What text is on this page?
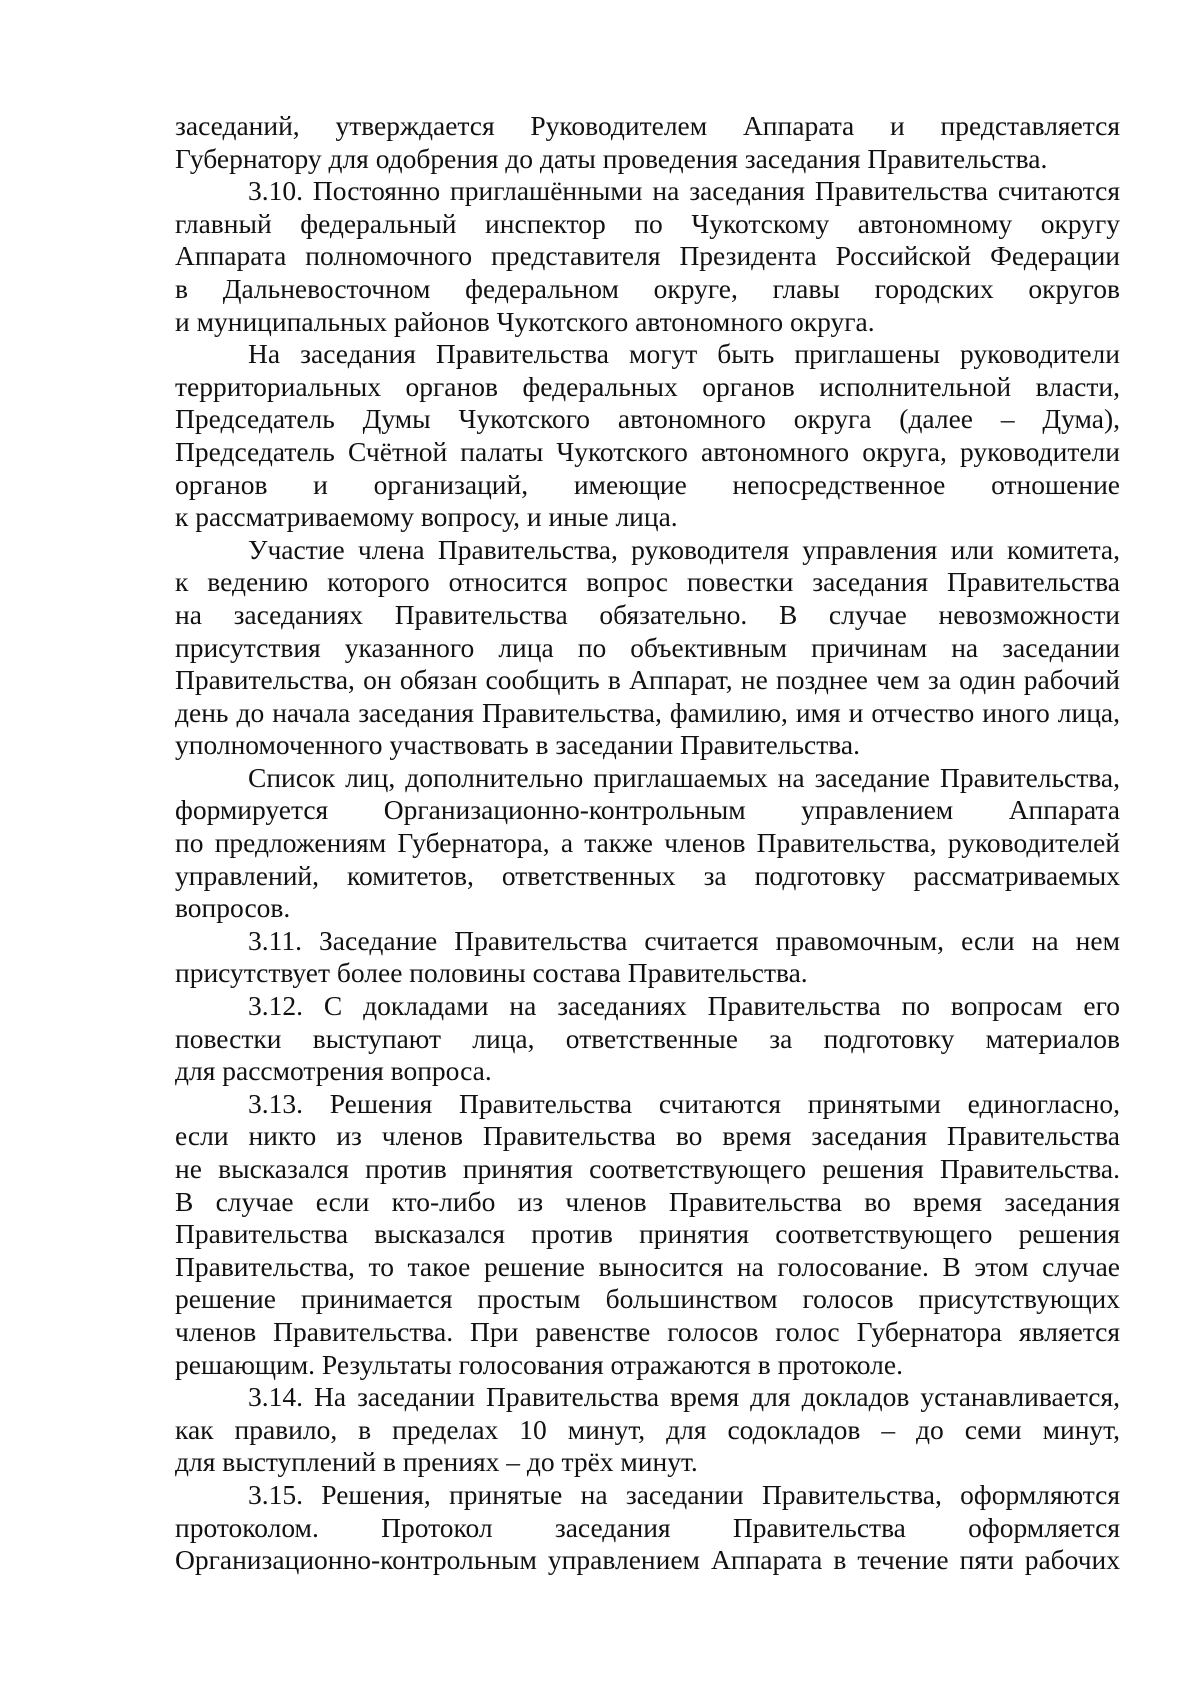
заседаний, утверждается Руководителем Аппарата и представляется
Губернатору для одобрения до даты проведения заседания Правительства.
3.10. Постоянно приглашёнными на заседания Правительства считаются
главный федеральный инспектор по Чукотскому автономному округу
Аппарата полномочного представителя Президента Российской Федерации
в Дальневосточном федеральном округе, главы городских округов
и муниципальных районов Чукотского автономного округа.
На заседания Правительства могут быть приглашены руководители
территориальных органов федеральных органов исполнительной власти,
Председатель Думы Чукотского автономного округа (далее – Дума),
Председатель Счётной палаты Чукотского автономного округа, руководители
органов и организаций, имеющие непосредственное отношение
к рассматриваемому вопросу, и иные лица.
Участие члена Правительства, руководителя управления или комитета,
к ведению которого относится вопрос повестки заседания Правительства
на заседаниях Правительства обязательно. В случае невозможности
присутствия указанного лица по объективным причинам на заседании
Правительства, он обязан сообщить в Аппарат, не позднее чем за один рабочий
день до начала заседания Правительства, фамилию, имя и отчество иного лица,
уполномоченного участвовать в заседании Правительства.
Список лиц, дополнительно приглашаемых на заседание Правительства,
формируется Организационно-контрольным управлением Аппарата
по предложениям Губернатора, а также членов Правительства, руководителей
управлений, комитетов, ответственных за подготовку рассматриваемых
вопросов.
3.11. Заседание Правительства считается правомочным, если на нем
присутствует более половины состава Правительства.
3.12. С докладами на заседаниях Правительства по вопросам его
повестки выступают лица, ответственные за подготовку материалов
для рассмотрения вопроса.
3.13. Решения Правительства считаются принятыми единогласно,
если никто из членов Правительства во время заседания Правительства
не высказался против принятия соответствующего решения Правительства.
В случае если кто-либо из членов Правительства во время заседания
Правительства высказался против принятия соответствующего решения
Правительства, то такое решение выносится на голосование. В этом случае
решение принимается простым большинством голосов присутствующих
членов Правительства. При равенстве голосов голос Губернатора является
решающим. Результаты голосования отражаются в протоколе.
3.14. На заседании Правительства время для докладов устанавливается,
как правило, в пределах 10 минут, для содокладов – до семи минут,
для выступлений в прениях – до трёх минут.
3.15. Решения, принятые на заседании Правительства, оформляются
протоколом. Протокол заседания Правительства оформляется
Организационно-контрольным управлением Аппарата в течение пяти рабочих
